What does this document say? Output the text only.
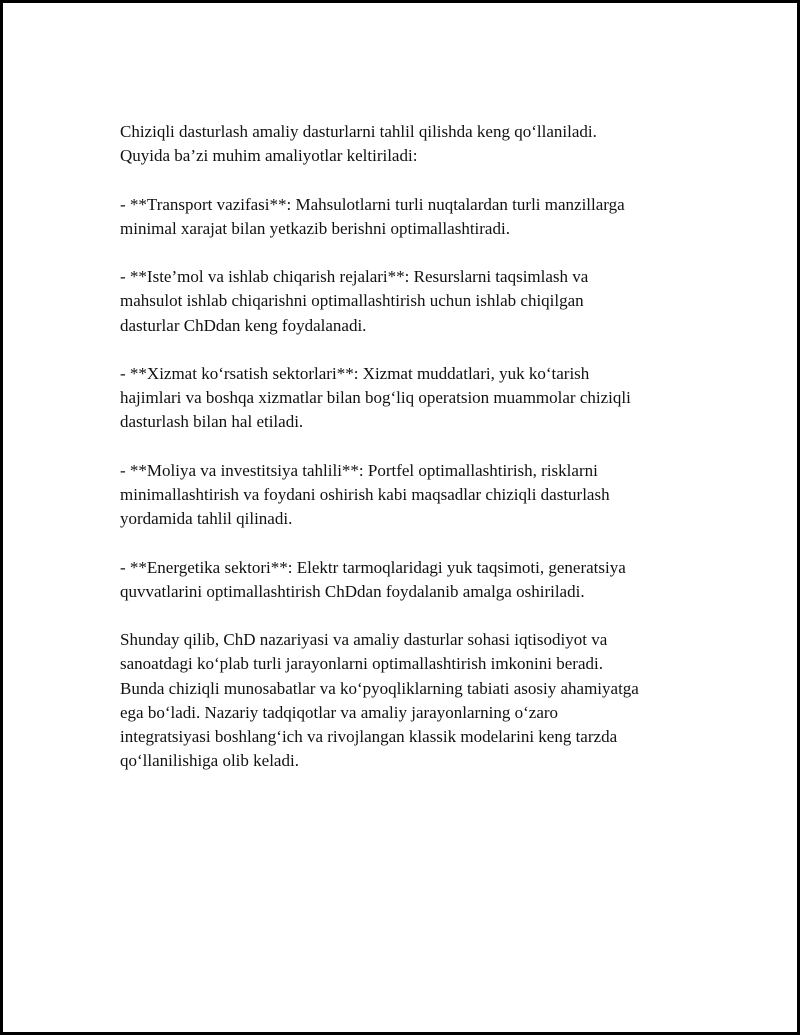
Chiziqli dasturlash amaliy dasturlarni tahlil qilishda keng qo‘llaniladi.
Quyida ba’zi muhim amaliyotlar keltiriladi:

- **Transport vazifasi**: Mahsulotlarni turli nuqtalardan turli manzillarga
minimal xarajat bilan yetkazib berishni optimallashtiradi.

- **Iste’mol va ishlab chiqarish rejalari**: Resurslarni taqsimlash va
mahsulot ishlab chiqarishni optimallashtirish uchun ishlab chiqilgan
dasturlar ChDdan keng foydalanadi.

- **Xizmat ko‘rsatish sektorlari**: Xizmat muddatlari, yuk ko‘tarish
hajimlari va boshqa xizmatlar bilan bog‘liq operatsion muammolar chiziqli
dasturlash bilan hal etiladi.

- **Moliya va investitsiya tahlili**: Portfel optimallashtirish, risklarni
minimallashtirish va foydani oshirish kabi maqsadlar chiziqli dasturlash
yordamida tahlil qilinadi.

- **Energetika sektori**: Elektr tarmoqlaridagi yuk taqsimoti, generatsiya
quvvatlarini optimallashtirish ChDdan foydalanib amalga oshiriladi.

Shunday qilib, ChD nazariyasi va amaliy dasturlar sohasi iqtisodiyot va
sanoatdagi ko‘plab turli jarayonlarni optimallashtirish imkonini beradi.
Bunda chiziqli munosabatlar va ko‘pyoqliklarning tabiati asosiy ahamiyatga
ega bo‘ladi. Nazariy tadqiqotlar va amaliy jarayonlarning o‘zaro
integratsiyasi boshlang‘ich va rivojlangan klassik modelarini keng tarzda
qo‘llanilishiga olib keladi.
